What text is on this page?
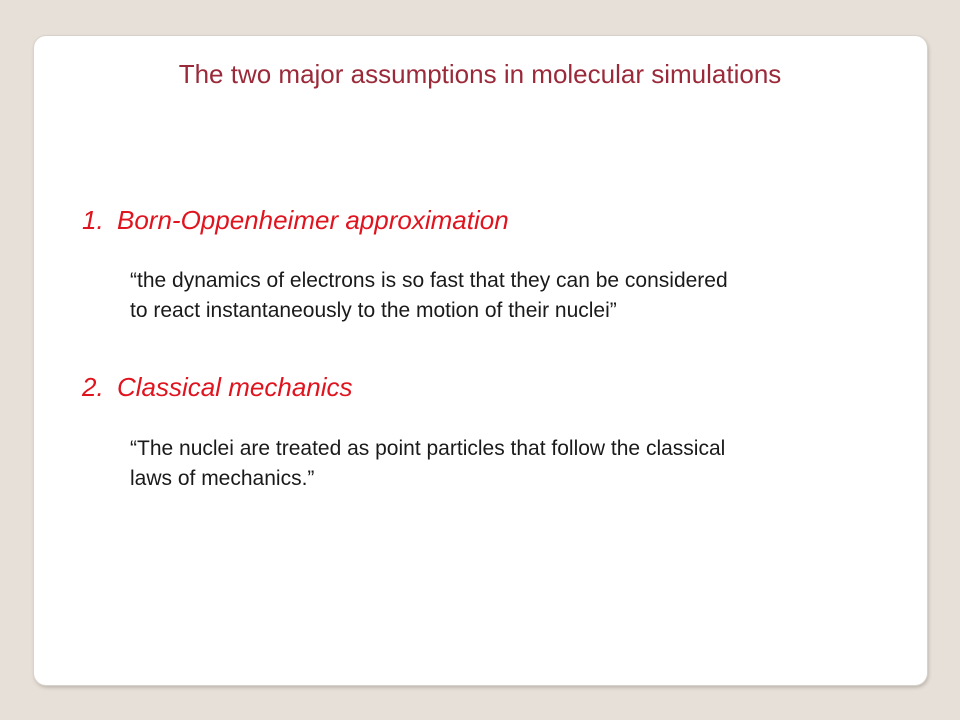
The two major assumptions in molecular simulations
1. Born-Oppenheimer approximation

“the dynamics of electrons is so fast that they can be considered
to react instantaneously to the motion of their nuclei”

2. Classical mechanics

“The nuclei are treated as point particles that follow the classical
laws of mechanics.”
